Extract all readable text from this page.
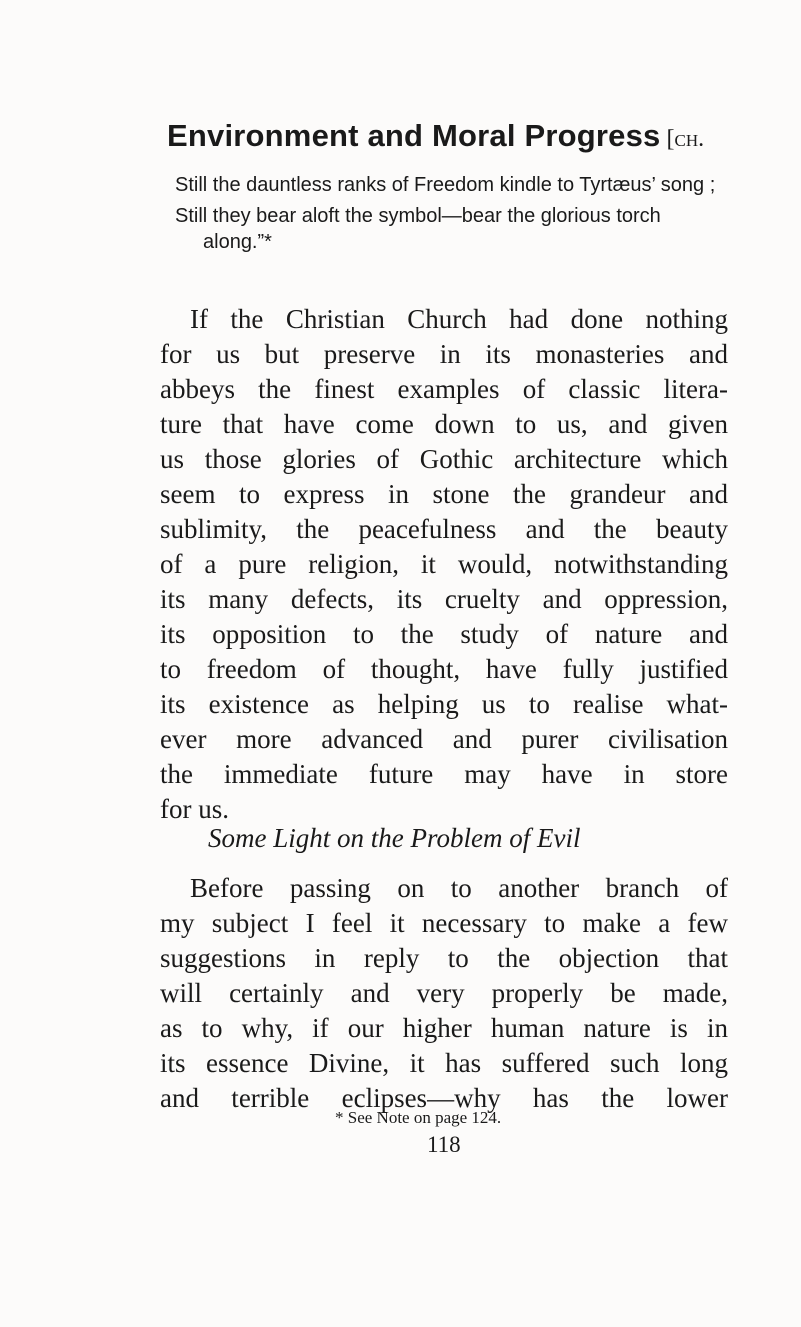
Environment and Moral Progress [ch.
Still the dauntless ranks of Freedom kindle to Tyrtæus’ song ;
Still they bear aloft the symbol—bear the glorious torch along.”*
If the Christian Church had done nothing
for us but preserve in its monasteries and
abbeys the finest examples of classic litera-
ture that have come down to us, and given
us those glories of Gothic architecture which
seem to express in stone the grandeur and
sublimity, the peacefulness and the beauty
of a pure religion, it would, notwithstanding
its many defects, its cruelty and oppression,
its opposition to the study of nature and
to freedom of thought, have fully justified
its existence as helping us to realise what-
ever more advanced and purer civilisation
the immediate future may have in store
for us.
Some Light on the Problem of Evil
Before passing on to another branch of
my subject I feel it necessary to make a few
suggestions in reply to the objection that
will certainly and very properly be made,
as to why, if our higher human nature is in
its essence Divine, it has suffered such long
and terrible eclipses—why has the lower
* See Note on page 124.
118
